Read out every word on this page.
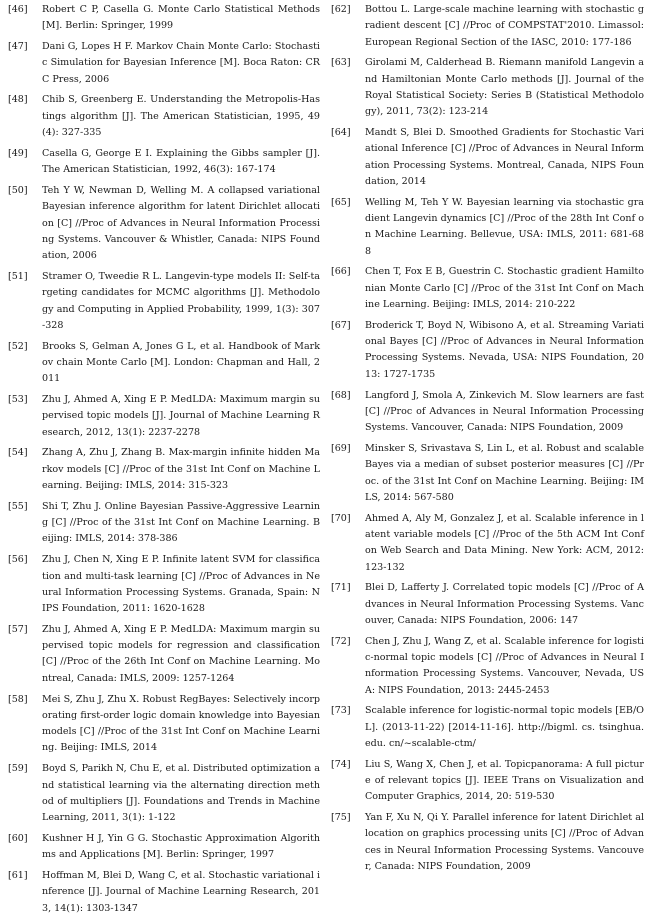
[46]	Robert C P, Casella G. Monte Carlo Statistical Methods [M]. Berlin: Springer, 1999
[47]	Dani G, Lopes H F. Markov Chain Monte Carlo: Stochastic Simulation for Bayesian Inference [M]. Boca Raton: CRC Press, 2006
[48]	Chib S, Greenberg E. Understanding the Metropolis-Hastings algorithm [J]. The American Statistician, 1995, 49 (4): 327-335
[49]	Casella G, George E I. Explaining the Gibbs sampler [J]. The American Statistician, 1992, 46(3): 167-174
[50]	Teh Y W, Newman D, Welling M. A collapsed variational Bayesian inference algorithm for latent Dirichlet allocation [C] //Proc of Advances in Neural Information Processing Systems. Vancouver & Whistler, Canada: NIPS Foundation, 2006
[51]	Stramer O, Tweedie R L. Langevin-type models II: Self-targeting candidates for MCMC algorithms [J]. Methodology and Computing in Applied Probability, 1999, 1(3): 307-328
[52]	Brooks S, Gelman A, Jones G L, et al. Handbook of Markov chain Monte Carlo [M]. London: Chapman and Hall, 2011
[53]	Zhu J, Ahmed A, Xing E P. MedLDA: Maximum margin supervised topic models [J]. Journal of Machine Learning Research, 2012, 13(1): 2237-2278
[54]	Zhang A, Zhu J, Zhang B. Max-margin infinite hidden Markov models [C] //Proc of the 31st Int Conf on Machine Learning. Beijing: IMLS, 2014: 315-323
[55]	Shi T, Zhu J. Online Bayesian Passive-Aggressive Learning [C] //Proc of the 31st Int Conf on Machine Learning. Beijing: IMLS, 2014: 378-386
[56]	Zhu J, Chen N, Xing E P. Infinite latent SVM for classification and multi-task learning [C] //Proc of Advances in Neural Information Processing Systems. Granada, Spain: NIPS Foundation, 2011: 1620-1628
[57]	Zhu J, Ahmed A, Xing E P. MedLDA: Maximum margin supervised topic models for regression and classification [C] //Proc of the 26th Int Conf on Machine Learning. Montreal, Canada: IMLS, 2009: 1257-1264
[58]	Mei S, Zhu J, Zhu X. Robust RegBayes: Selectively incorporating first-order logic domain knowledge into Bayesian models [C] //Proc of the 31st Int Conf on Machine Learning. Beijing: IMLS, 2014
[59]	Boyd S, Parikh N, Chu E, et al. Distributed optimization and statistical learning via the alternating direction method of multipliers [J]. Foundations and Trends in Machine Learning, 2011, 3(1): 1-122
[60]	Kushner H J, Yin G G. Stochastic Approximation Algorithms and Applications [M]. Berlin: Springer, 1997
[61]	Hoffman M, Blei D, Wang C, et al. Stochastic variational inference [J]. Journal of Machine Learning Research, 2013, 14(1): 1303-1347
[62]	Bottou L. Large-scale machine learning with stochastic gradient descent [C] //Proc of COMPSTAT'2010. Limassol: European Regional Section of the IASC, 2010: 177-186
[63]	Girolami M, Calderhead B. Riemann manifold Langevin and Hamiltonian Monte Carlo methods [J]. Journal of the Royal Statistical Society: Series B (Statistical Methodology), 2011, 73(2): 123-214
[64]	Mandt S, Blei D. Smoothed Gradients for Stochastic Variational Inference [C] //Proc of Advances in Neural Information Processing Systems. Montreal, Canada, NIPS Foundation, 2014
[65]	Welling M, Teh Y W. Bayesian learning via stochastic gradient Langevin dynamics [C] //Proc of the 28th Int Conf on Machine Learning. Bellevue, USA: IMLS, 2011: 681-688
[66]	Chen T, Fox E B, Guestrin C. Stochastic gradient Hamiltonian Monte Carlo [C] //Proc of the 31st Int Conf on Machine Learning. Beijing: IMLS, 2014: 210-222
[67]	Broderick T, Boyd N, Wibisono A, et al. Streaming Variational Bayes [C] //Proc of Advances in Neural Information Processing Systems. Nevada, USA: NIPS Foundation, 2013: 1727-1735
[68]	Langford J, Smola A, Zinkevich M. Slow learners are fast [C] //Proc of Advances in Neural Information Processing Systems. Vancouver, Canada: NIPS Foundation, 2009
[69]	Minsker S, Srivastava S, Lin L, et al. Robust and scalable Bayes via a median of subset posterior measures [C] //Proc. of the 31st Int Conf on Machine Learning. Beijing: IMLS, 2014: 567-580
[70]	Ahmed A, Aly M, Gonzalez J, et al. Scalable inference in latent variable models [C] //Proc of the 5th ACM Int Conf on Web Search and Data Mining. New York: ACM, 2012: 123-132
[71]	Blei D, Lafferty J. Correlated topic models [C] //Proc of Advances in Neural Information Processing Systems. Vancouver, Canada: NIPS Foundation, 2006: 147
[72]	Chen J, Zhu J, Wang Z, et al. Scalable inference for logistic-normal topic models [C] //Proc of Advances in Neural Information Processing Systems. Vancouver, Nevada, USA: NIPS Foundation, 2013: 2445-2453
[73]	Scalable inference for logistic-normal topic models [EB/OL]. (2013-11-22) [2014-11-16]. http://bigml. cs. tsinghua. edu. cn/~scalable-ctm/
[74]	Liu S, Wang X, Chen J, et al. Topicpanorama: A full picture of relevant topics [J]. IEEE Trans on Visualization and Computer Graphics, 2014, 20: 519-530
[75]	Yan F, Xu N, Qi Y. Parallel inference for latent Dirichlet allocation on graphics processing units [C] //Proc of Advances in Neural Information Processing Systems. Vancouver, Canada: NIPS Foundation, 2009
